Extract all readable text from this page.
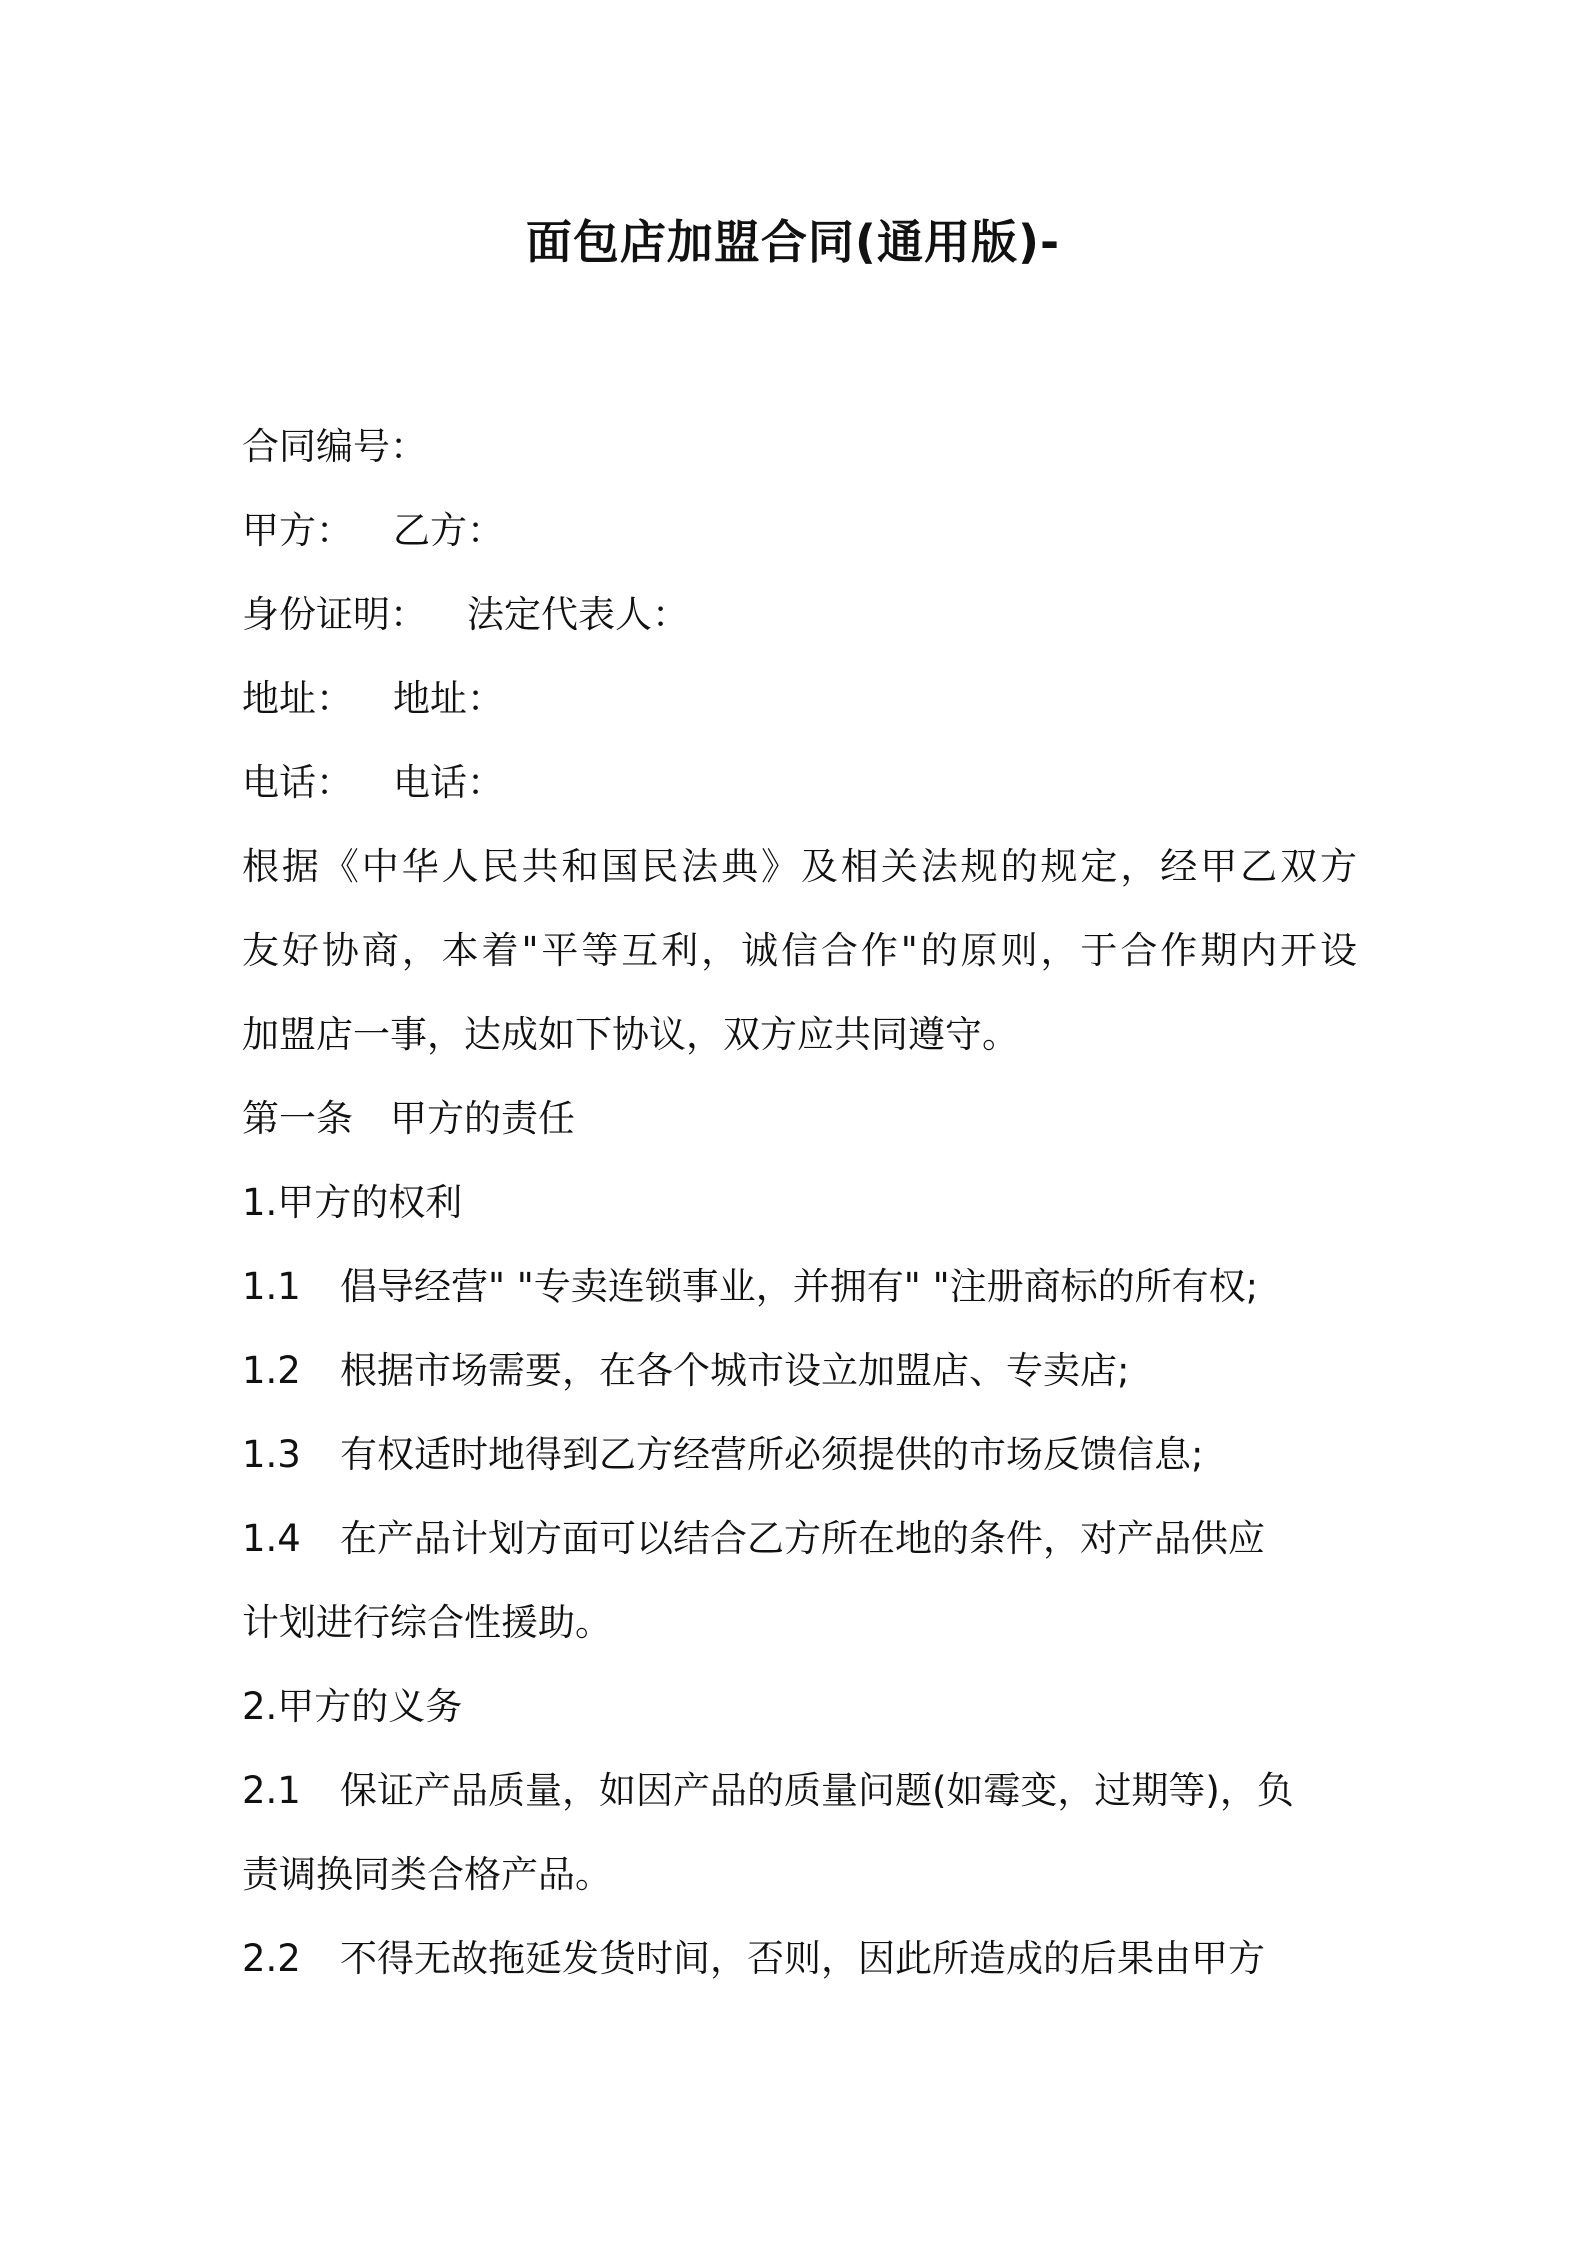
面包店加盟合同(通用版)-
合同编号：
甲方： 乙方：
身份证明： 法定代表人：
地址： 地址：
电话： 电话：
根据《中华人民共和国民法典》及相关法规的规定，经甲乙双方
友好协商，本着"平等互利，诚信合作"的原则，于合作期内开设
加盟店一事，达成如下协议，双方应共同遵守。
第一条　甲方的责任
1.甲方的权利
1.1 倡导经营" "专卖连锁事业，并拥有" "注册商标的所有权;
1.2 根据市场需要，在各个城市设立加盟店、专卖店;
1.3 有权适时地得到乙方经营所必须提供的市场反馈信息;
1.4 在产品计划方面可以结合乙方所在地的条件，对产品供应
计划进行综合性援助。
2.甲方的义务
2.1 保证产品质量，如因产品的质量问题(如霉变，过期等)，负
责调换同类合格产品。
2.2 不得无故拖延发货时间，否则，因此所造成的后果由甲方
